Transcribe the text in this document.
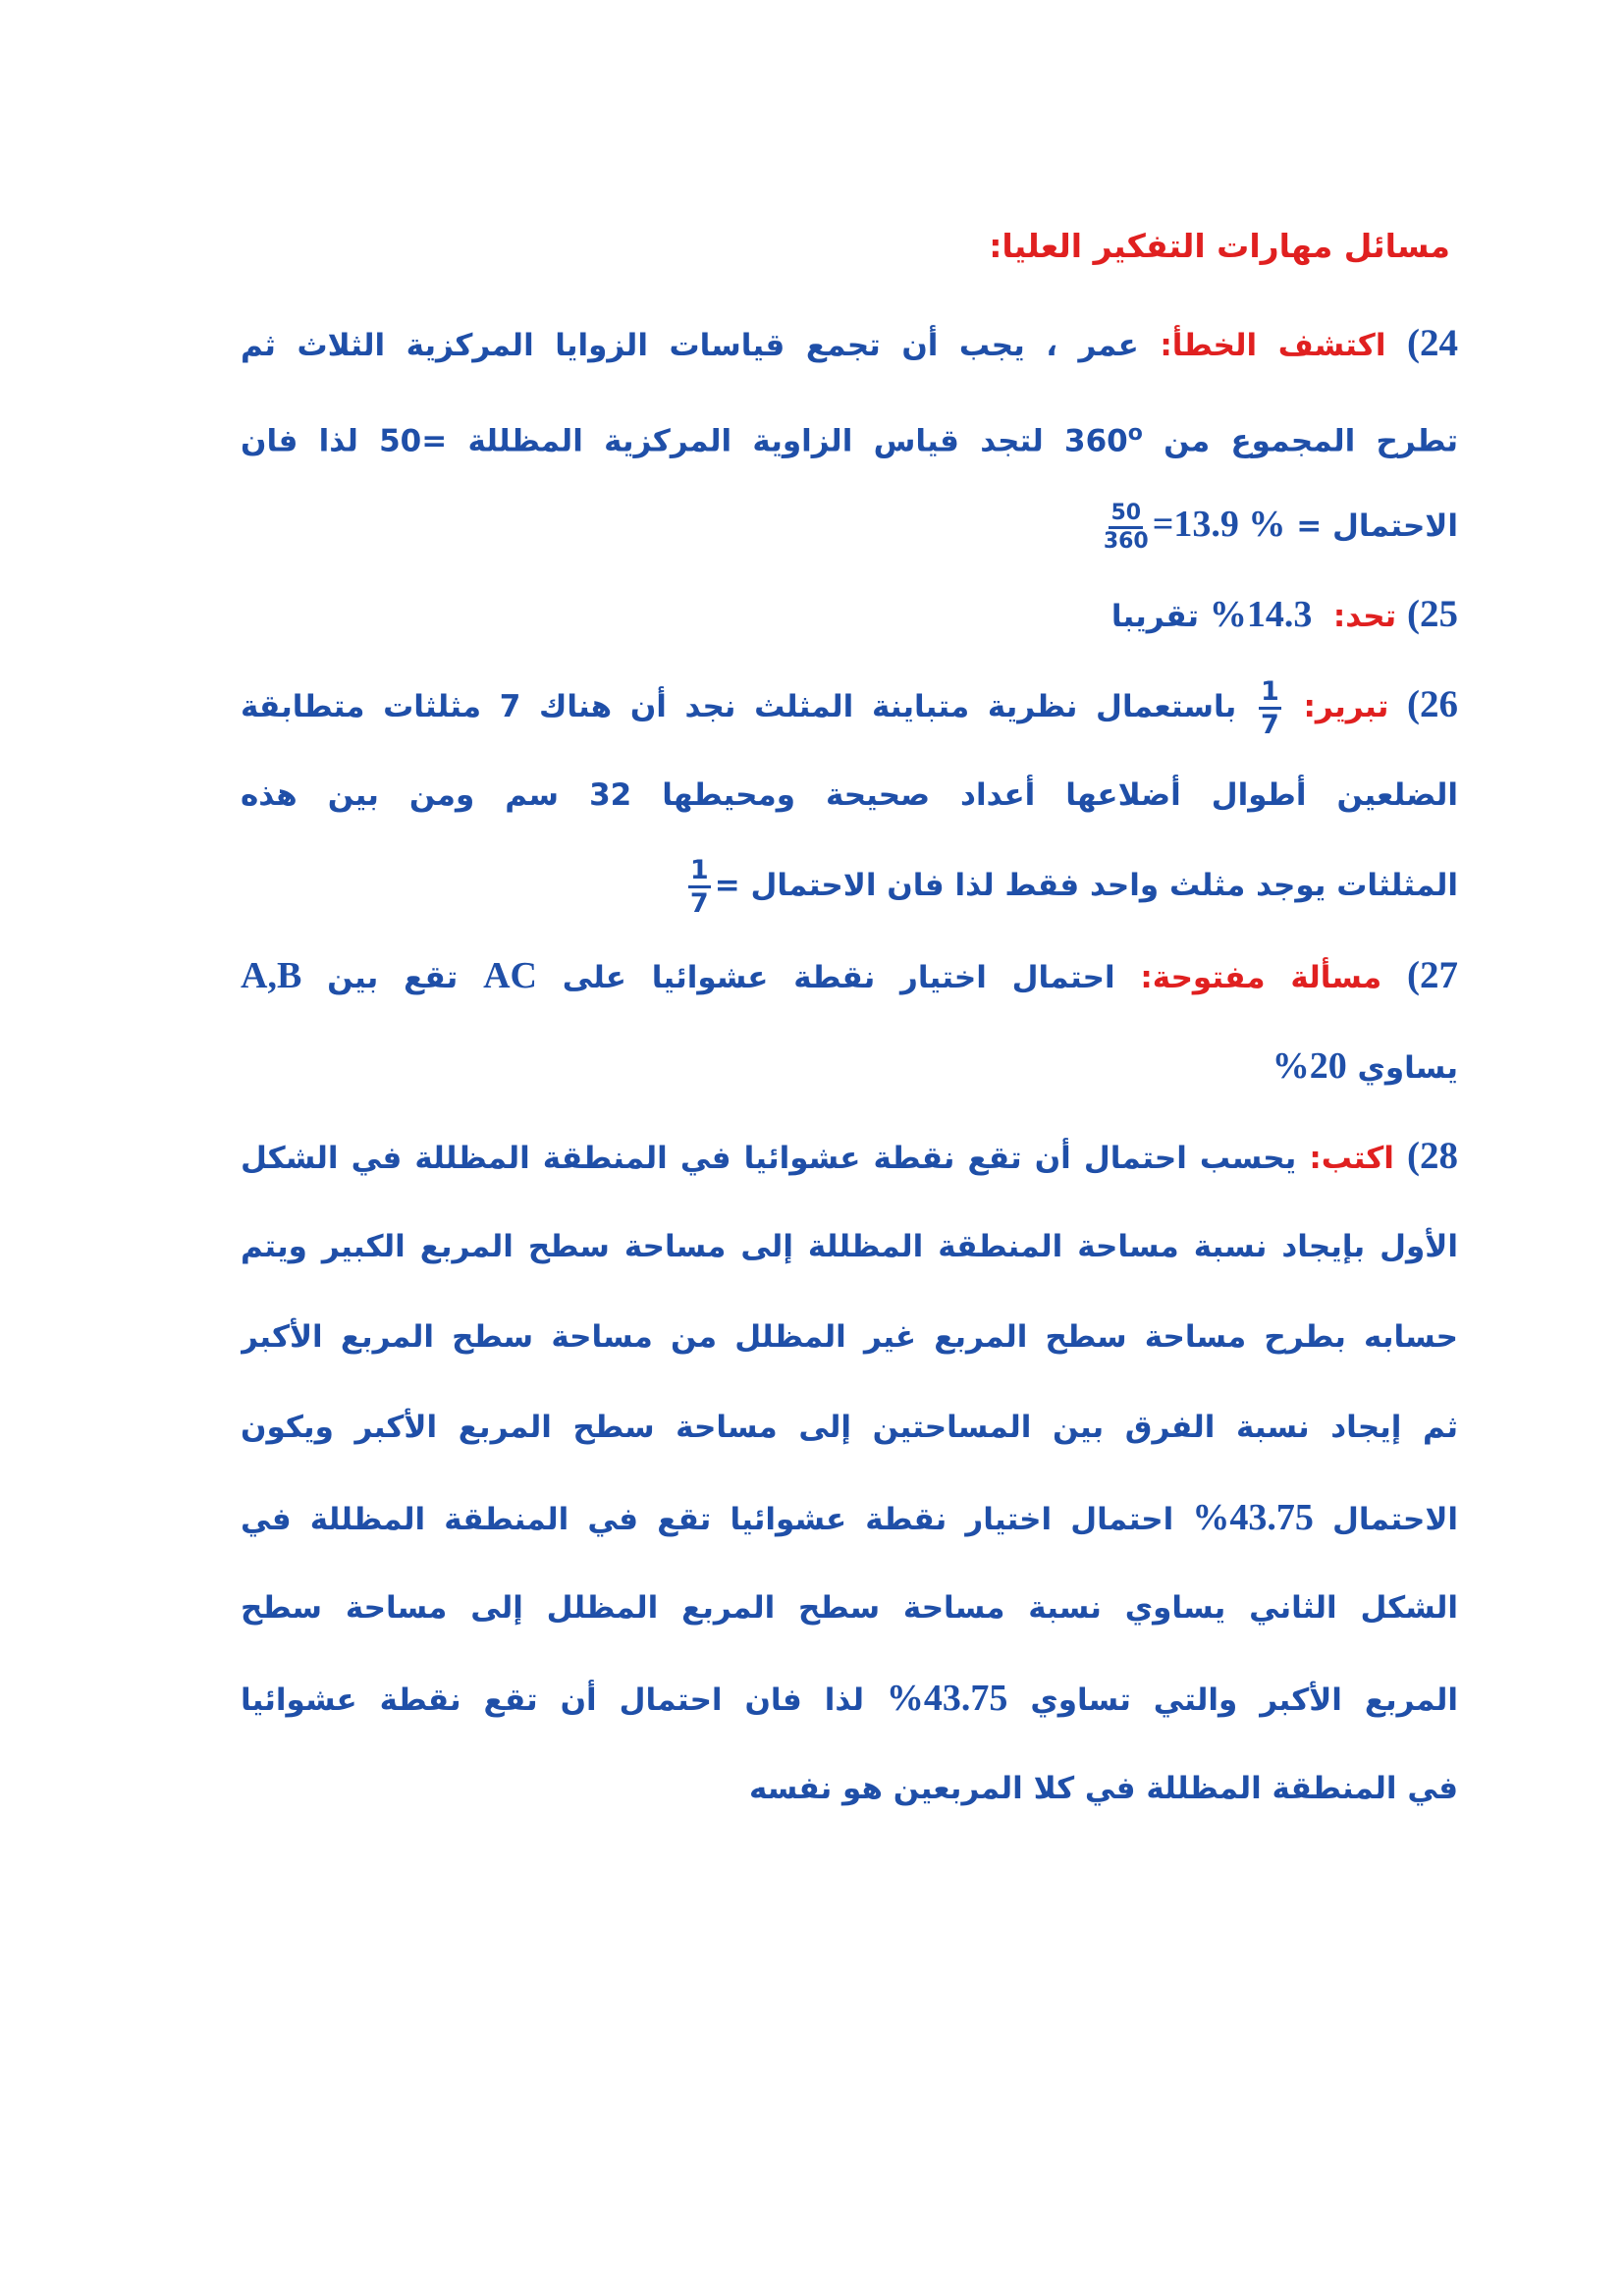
مسائل مهارات التفكير العليا:
24) اكتشف الخطأ: عمر ، يجب أن تجمع قياسات الزوايا المركزية الثلاث ثم
تطرح المجموع من 360$^o$ لتجد قياس الزاوية المركزية المظللة =50 لذا فان
الاحتمال = % 13.9=
$\frac{50}{360}$
25) تحد:  14.3% تقريبا
26) تبرير:
$\frac{1}{7}$
باستعمال نظرية متباينة المثلث نجد أن هناك 7 مثلثات متطابقة
الضلعين أطوال أضلاعها أعداد صحيحة ومحيطها 32 سم ومن بين هذه
المثلثات يوجد مثلث واحد فقط لذا فان الاحتمال =
$\frac{1}{7}$
27) مسألة مفتوحة: احتمال اختيار نقطة عشوائيا على AC تقع بين A,B
يساوي 20%
28) اكتب: يحسب احتمال أن تقع نقطة عشوائيا في المنطقة المظللة في الشكل
الأول بإيجاد نسبة مساحة المنطقة المظللة إلى مساحة سطح المربع الكبير ويتم
حسابه بطرح مساحة سطح المربع غير المظلل من مساحة سطح المربع الأكبر
ثم إيجاد نسبة الفرق بين المساحتين إلى مساحة سطح المربع الأكبر ويكون
الاحتمال 43.75% احتمال اختيار نقطة عشوائيا تقع في المنطقة المظللة في
الشكل الثاني يساوي نسبة مساحة سطح المربع المظلل إلى مساحة سطح
المربع الأكبر والتي تساوي 43.75% لذا فان احتمال أن تقع نقطة عشوائيا
في المنطقة المظللة في كلا المربعين هو نفسه
